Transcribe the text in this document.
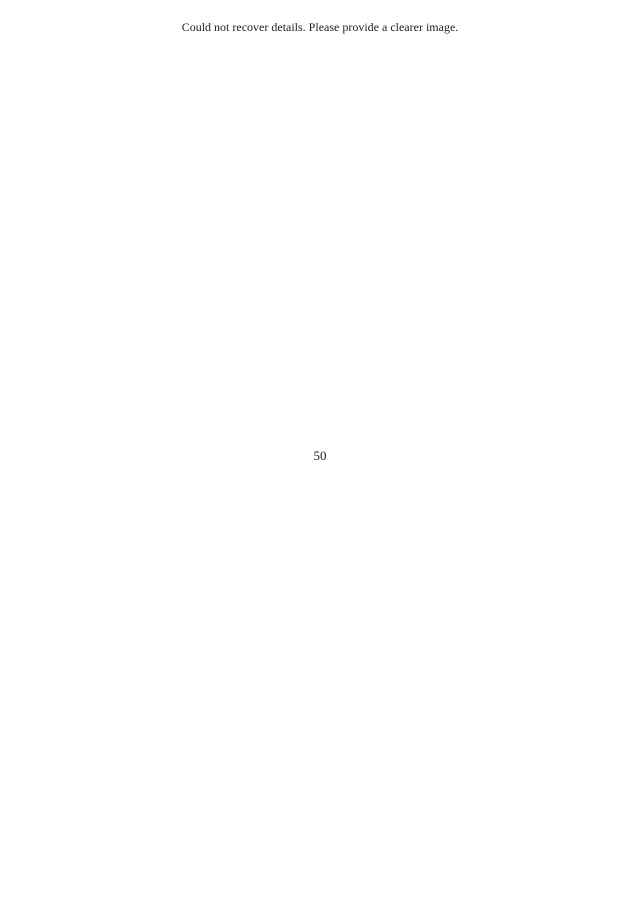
Could not recover details. Please provide a clearer image.
50
